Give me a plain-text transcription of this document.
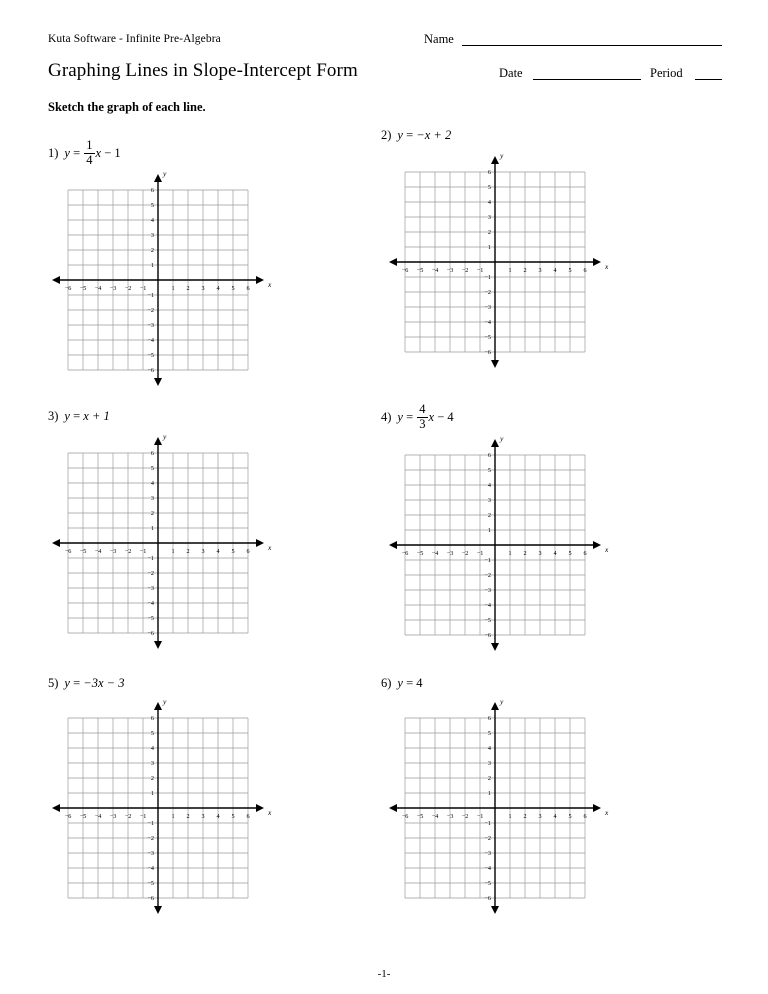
Kuta Software - Infinite Pre-Algebra	Name
Graphing Lines in Slope-Intercept Form	Date	Period
Sketch the graph of each line.
1) $y = \frac{1}{4}$ x − 1
−6 −5 −4 −3 −2 −1	1 2 3 4 5 6
6
5
4
3
2
1
−1
−2
−3
−4
−5
−6
x
y
2) y = −x + 2
−6 −5 −4 −3 −2 −1	1 2 3 4 5 6
6
5
4
3
2
1
−1
−2
−3
−4
−5
−6
x
y
3) y = x + 1
−6 −5 −4 −3 −2 −1	1 2 3 4 5 6
6
5
4
3
2
1
−1
−2
−3
−4
−5
−6
x
y
4) $y = \frac{4}{3}$ x − 4
−6 −5 −4 −3 −2 −1	1 2 3 4 5 6
6
5
4
3
2
1
−1
−2
−3
−4
−5
−6
x
y
5) y = −3x − 3
−6 −5 −4 −3 −2 −1	1 2 3 4 5 6
6
5
4
3
2
1
−1
−2
−3
−4
−5
−6
x
y
6) y = 4
−6 −5 −4 −3 −2 −1	1 2 3 4 5 6
6
5
4
3
2
1
−1
−2
−3
−4
−5
−6
x
y
-1-
